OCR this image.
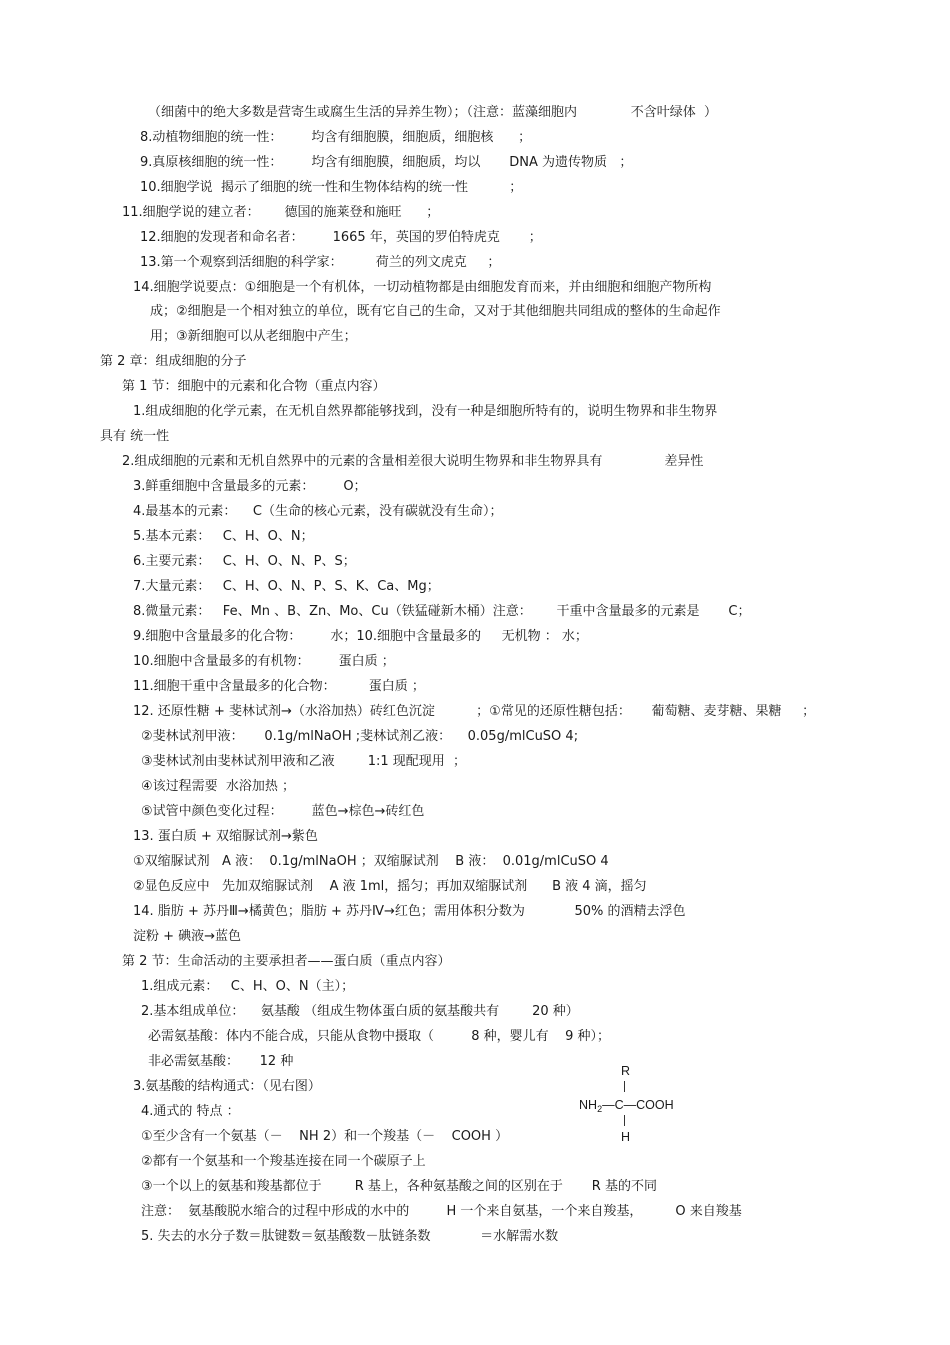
（细菌中的绝大多数是营寄生或腐生生活的异养生物）；（注意：蓝藻细胞内             不含叶绿体  ）
8.动植物细胞的统一性：       均含有细胞膜，细胞质，细胞核      ；
9.真原核细胞的统一性：       均含有细胞膜，细胞质，均以       DNA 为遗传物质   ；
10.细胞学说  揭示了细胞的统一性和生物体结构的统一性          ；
11.细胞学说的建立者：      德国的施莱登和施旺      ；
12.细胞的发现者和命名者：       1665 年，英国的罗伯特虎克       ；
13.第一个观察到活细胞的科学家：        荷兰的列文虎克     ；
14.细胞学说要点：①细胞是一个有机体，一切动植物都是由细胞发育而来，并由细胞和细胞产物所构
成；②细胞是一个相对独立的单位，既有它自己的生命，又对于其他细胞共同组成的整体的生命起作
用；③新细胞可以从老细胞中产生；
第 2 章：组成细胞的分子
第 1 节：细胞中的元素和化合物（重点内容）
1.组成细胞的化学元素，在无机自然界都能够找到，没有一种是细胞所特有的，说明生物界和非生物界
具有 统一性
2.组成细胞的元素和无机自然界中的元素的含量相差很大说明生物界和非生物界具有               差异性
3.鲜重细胞中含量最多的元素：       O；
4.最基本的元素：    C（生命的核心元素，没有碳就没有生命）；
5.基本元素：   C、H、O、N；
6.主要元素：   C、H、O、N、P、S；
7.大量元素：   C、H、O、N、P、S、K、Ca、Mg；
8.微量元素：   Fe、Mn 、B、Zn、Mo、Cu（铁猛碰新木桶）注意：      干重中含量最多的元素是       C；
9.细胞中含量最多的化合物：       水；10.细胞中含量最多的     无机物 ： 水；
10.细胞中含量最多的有机物：       蛋白质 ；
11.细胞干重中含量最多的化合物：        蛋白质 ；
12. 还原性糖 + 斐林试剂→（水浴加热）砖红色沉淀          ；①常见的还原性糖包括：     葡萄糖、麦芽糖、果糖     ；
②斐林试剂甲液：     0.1g/mlNaOH ;斐林试剂乙液：    0.05g/mlCuSO 4;
③斐林试剂由斐林试剂甲液和乙液        1:1 现配现用  ；
④该过程需要  水浴加热 ；
⑤试管中颜色变化过程：       蓝色→棕色→砖红色
13. 蛋白质 + 双缩脲试剂→紫色
①双缩脲试剂   A 液：  0.1g/mlNaOH ；双缩脲试剂    B 液：  0.01g/mlCuSO 4
②显色反应中   先加双缩脲试剂    A 液 1ml，摇匀；再加双缩脲试剂      B 液 4 滴，摇匀
14. 脂肪 + 苏丹Ⅲ→橘黄色；脂肪 + 苏丹Ⅳ→红色；需用体积分数为            50% 的酒精去浮色
淀粉 + 碘液→蓝色
第 2 节：生命活动的主要承担者——蛋白质（重点内容）
1.组成元素：   C、H、O、N（主）；
2.基本组成单位：    氨基酸 （组成生物体蛋白质的氨基酸共有        20 种）
必需氨基酸：体内不能合成，只能从食物中摄取（         8 种，婴儿有    9 种）；
非必需氨基酸：     12 种
3.氨基酸的结构通式：（见右图）
4.通式的 特点 ：
①至少含有一个氨基（－    NH 2）和一个羧基（－    COOH ）
②都有一个氨基和一个羧基连接在同一个碳原子上
③一个以上的氨基和羧基都位于        R 基上，各种氨基酸之间的区别在于       R 基的不同
注意：  氨基酸脱水缩合的过程中形成的水中的         H 一个来自氨基，一个来自羧基，        O 来自羧基
5. 失去的水分子数＝肽键数＝氨基酸数－肽链条数            ＝水解需水数
R
$NH_2—C—COOH$
H
